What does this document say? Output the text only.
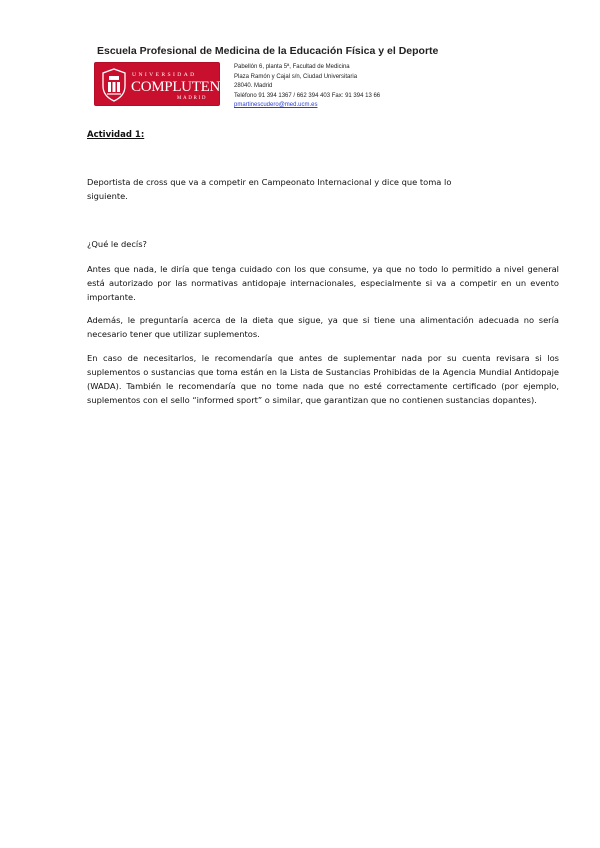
Escuela Profesional de Medicina de la Educación Física y el Deporte
UNIVERSIDAD
COMPLUTENSE
MADRID
Pabellón 6, planta 5ª, Facultad de Medicina
Plaza Ramón y Cajal s/n, Ciudad Universitaria
28040. Madrid
Teléfono 91 394 1367 / 662 394 403 Fax: 91 394 13 66
pmartinescudero@med.ucm.es
Actividad 1:
Deportista de cross que va a competir en Campeonato Internacional y dice que toma lo siguiente.
¿Qué le decís?
Antes que nada, le diría que tenga cuidado con los que consume, ya que no todo lo permitido a nivel general está autorizado por las normativas antidopaje internacionales, especialmente si va a competir en un evento importante.
Además, le preguntaría acerca de la dieta que sigue, ya que si tiene una alimentación adecuada no sería necesario tener que utilizar suplementos.
En caso de necesitarlos, le recomendaría que antes de suplementar nada por su cuenta revisara si los suplementos o sustancias que toma están en la Lista de Sustancias Prohibidas de la Agencia Mundial Antidopaje (WADA). También le recomendaría que no tome nada que no esté correctamente certificado (por ejemplo, suplementos con el sello “informed sport” o similar, que garantizan que no contienen sustancias dopantes).
